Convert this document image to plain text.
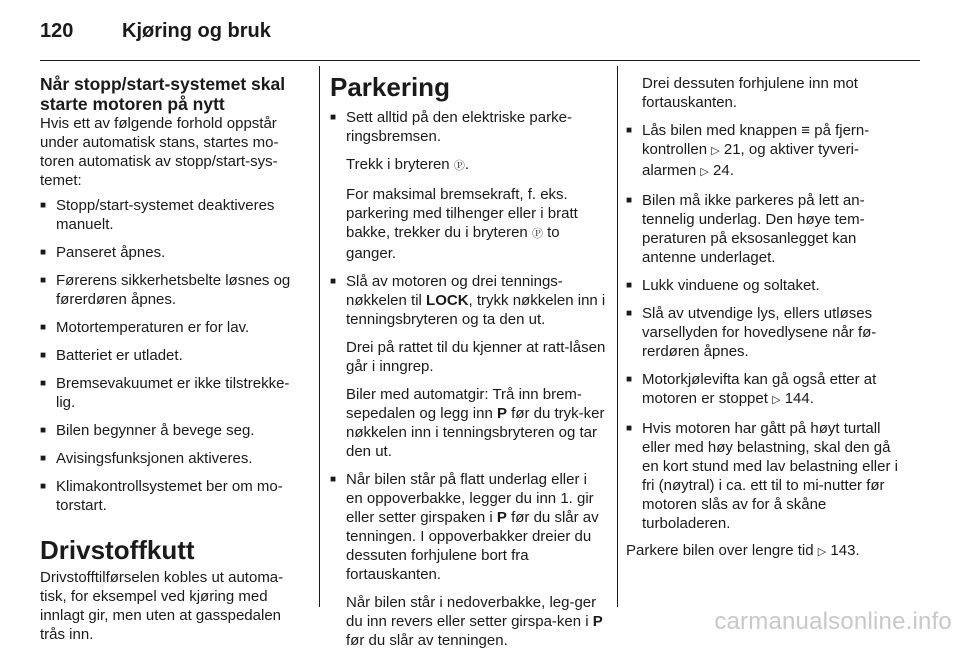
120	Kjøring og bruk

Når stopp/start-systemet skal starte motoren på nytt

Hvis ett av følgende forhold oppstår under automatisk stans, startes mo-toren automatisk av stopp/start-sys-temet:

■ Stopp/start-systemet deaktiveres manuelt.
■ Panseret åpnes.
■ Førerens sikkerhetsbelte løsnes og førerdøren åpnes.
■ Motortemperaturen er for lav.
■ Batteriet er utladet.
■ Bremsevakuumet er ikke tilstrekke-lig.
■ Bilen begynner å bevege seg.
■ Avisingsfunksjonen aktiveres.
■ Klimakontrollsystemet ber om mo-torstart.

Drivstoffkutt

Drivstofftilførselen kobles ut automa-tisk, for eksempel ved kjøring med innlagt gir, men uten at gasspedalen trås inn.

Parkering

■ Sett alltid på den elektriske parke-ringsbremsen.

Trekk i bryteren Ⓟ.

For maksimal bremsekraft, f. eks. parkering med tilhenger eller i bratt bakke, trekker du i bryteren Ⓟ to ganger.

■ Slå av motoren og drei tennings-nøkkelen til LOCK, trykk nøkkelen inn i tenningsbryteren og ta den ut.

Drei på rattet til du kjenner at ratt-låsen går i inngrep.

Biler med automatgir: Trå inn brem-sepedalen og legg inn P før du tryk-ker nøkkelen inn i tenningsbryteren og tar den ut.

■ Når bilen står på flatt underlag eller i en oppoverbakke, legger du inn 1. gir eller setter girspaken i P før du slår av tenningen. I oppoverbakker dreier du dessuten forhjulene bort fra fortauskanten.

Når bilen står i nedoverbakke, leg-ger du inn revers eller setter girspa-ken i P før du slår av tenningen.

Drei dessuten forhjulene inn mot fortauskanten.

■ Lås bilen med knappen ≡ på fjern-kontrollen ▷ 21, og aktiver tyveri-alarmen ▷ 24.
■ Bilen må ikke parkeres på lett an-tennelig underlag. Den høye tem-peraturen på eksosanlegget kan antenne underlaget.
■ Lukk vinduene og soltaket.
■ Slå av utvendige lys, ellers utløses varsellyden for hovedlysene når fø-rerdøren åpnes.
■ Motorkjølevifta kan gå også etter at motoren er stoppet ▷ 144.
■ Hvis motoren har gått på høyt turtall eller med høy belastning, skal den gå en kort stund med lav belastning eller i fri (nøytral) i ca. ett til to mi-nutter før motoren slås av for å skåne turboladeren.

Parkere bilen over lengre tid ▷ 143.

carmanualsonline.info
